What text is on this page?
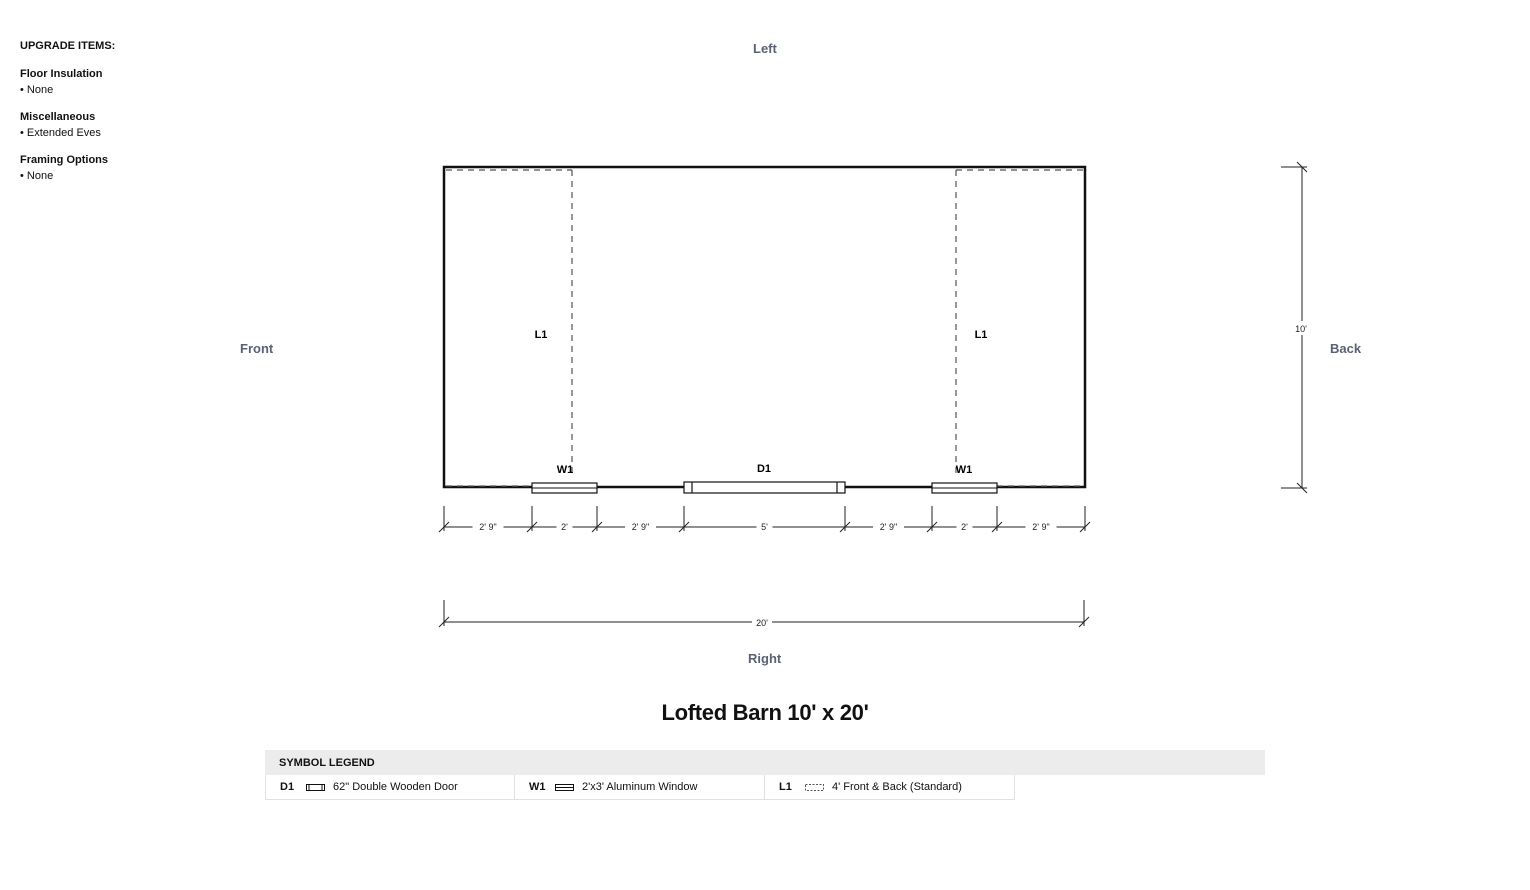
UPGRADE ITEMS:
Floor Insulation
• None
Miscellaneous
• Extended Eves
Framing Options
• None
Left
Right
Front	Back
L1	L1
W1	W1
D1
2' 9"	2'	2' 9"	5'	2' 9"	2'	2' 9"
20'
10'
Lofted Barn 10' x 20'
SYMBOL LEGEND
D1	62" Double Wooden Door	W1	2'x3' Aluminum Window	L1	4' Front & Back (Standard)
